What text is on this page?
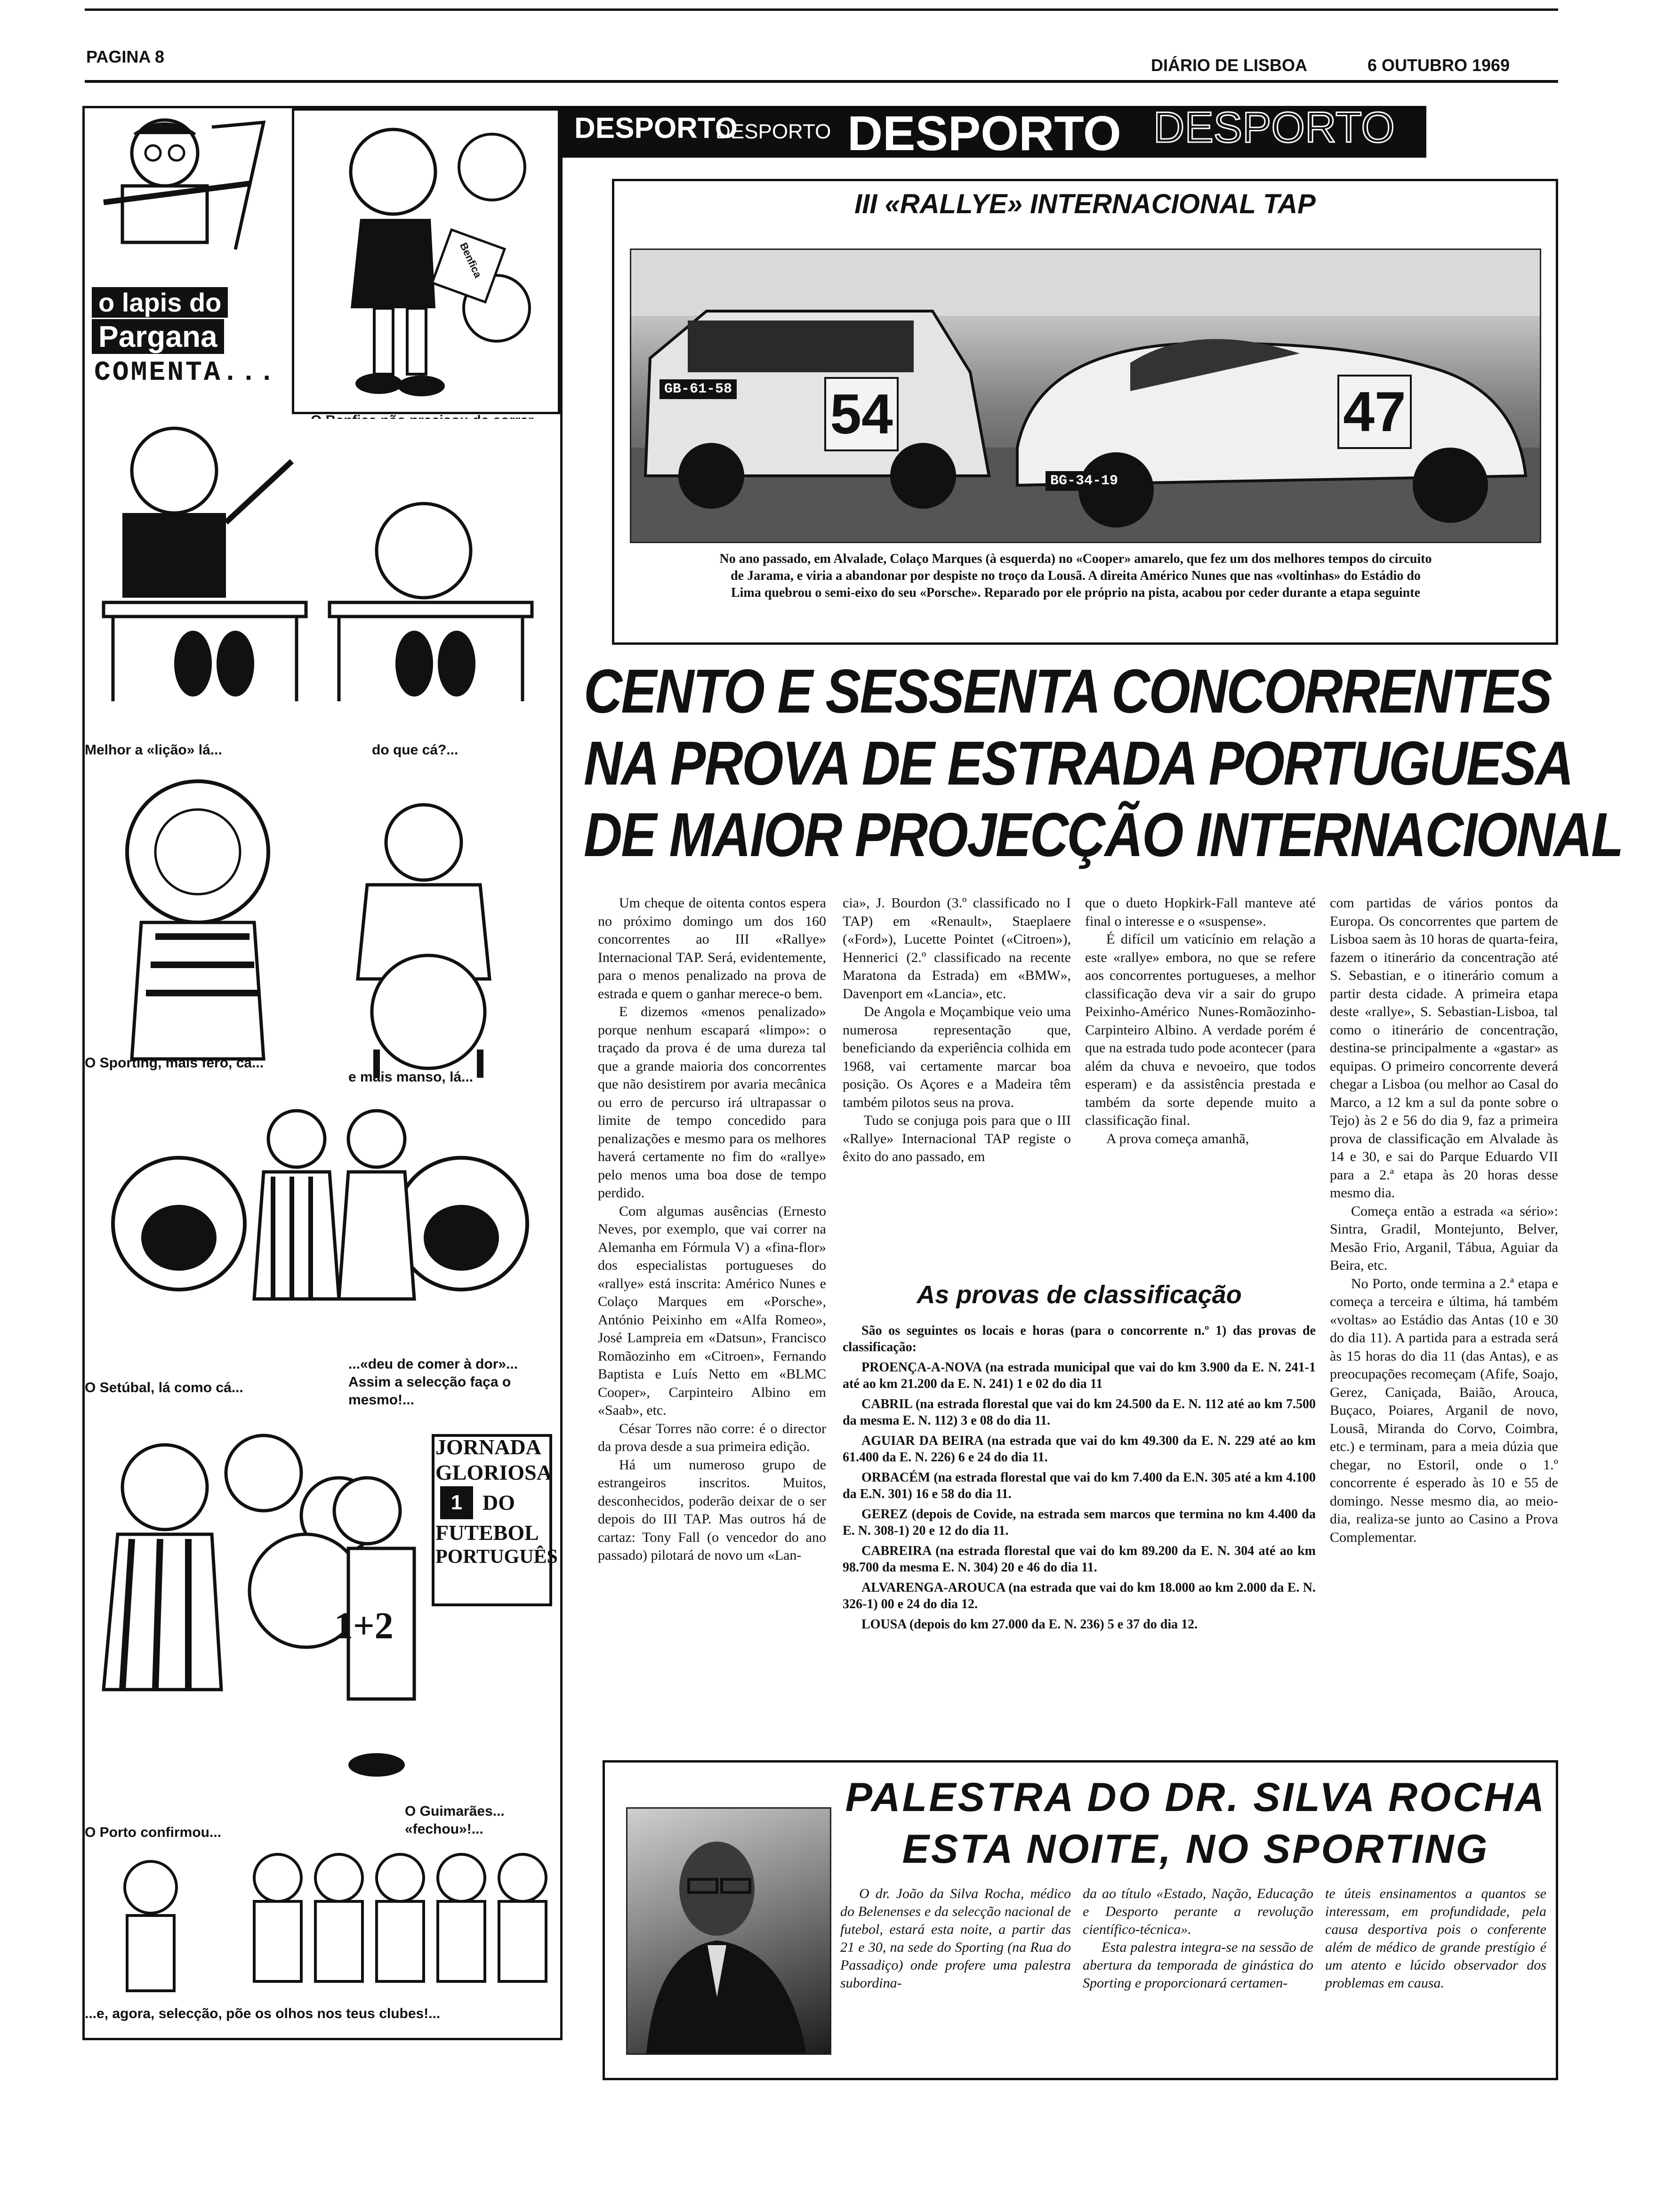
PAGINA 8	DIÁRIO DE LISBOA	6 OUTUBRO 1969
o lapis do
Pargana
COMENTA...
Benfica
Melhor a «lição» lá...	do que cá?...
O Sporting, mais fero, cá...
e mais manso, lá...
O Setúbal, lá como cá...
...«deu de comer à dor»... Assim a selecção faça o mesmo!...
JORNADA
GLORIOSA
1 DO
FUTEBOL
PORTUGUÊS
1+2
O Porto confirmou...
O Guimarães... «fechou»!...
...e, agora, selecção, põe os olhos nos teus clubes!...
DESPORTO
DESPORTO DESPORTO DESPORTO
III «RALLYE» INTERNACIONAL TAP
54	47
GB-61-58
BG-34-19
No ano passado, em Alvalade, Colaço Marques (à esquerda) no «Cooper» amarelo, que fez um dos melhores tempos do circuito de Jarama, e viria a abandonar por despiste no troço da Lousã. A direita Américo Nunes que nas «voltinhas» do Estádio do Lima quebrou o semi-eixo do seu «Porsche». Reparado por ele próprio na pista, acabou por ceder durante a etapa seguinte
CENTO E SESSENTA CONCORRENTES
NA PROVA DE ESTRADA PORTUGUESA
DE MAIOR PROJECÇÃO INTERNACIONAL

Um cheque de oitenta contos espera no próximo domingo um dos 160 concorrentes ao III «Rallye» Internacional TAP. Será, evidentemente, para o menos penalizado na prova de estrada e quem o ganhar merece-o bem.

E dizemos «menos penalizado» porque nenhum escapará «limpo»: o traçado da prova é de uma dureza tal que a grande maioria dos concorrentes que não desistirem por avaria mecânica ou erro de percurso irá ultrapassar o limite de tempo concedido para penalizações e mesmo para os melhores haverá certamente no fim do «rallye» pelo menos uma boa dose de tempo perdido.

Com algumas ausências (Ernesto Neves, por exemplo, que vai correr na Alemanha em Fórmula V) a «fina-flor» dos especialistas portugueses do «rallye» está inscrita: Américo Nunes e Colaço Marques em «Porsche», António Peixinho em «Alfa Romeo», José Lampreia em «Datsun», Francisco Romãozinho em «Citroen», Fernando Baptista e Luís Netto em «BLMC Cooper», Carpinteiro Albino em «Saab», etc.

César Torres não corre: é o director da prova desde a sua primeira edição.

Há um numeroso grupo de estrangeiros inscritos. Muitos, desconhecidos, poderão deixar de o ser depois do III TAP. Mas outros há de cartaz: Tony Fall (o vencedor do ano passado) pilotará de novo um «Lan-

cia», J. Bourdon (3.º classificado no I TAP) em «Renault», Staeplaere («Ford»), Lucette Pointet («Citroen»), Hennerici (2.º classificado na recente Maratona da Estrada) em «BMW», Davenport em «Lancia», etc.

De Angola e Moçambique veio uma numerosa representação que, beneficiando da experiência colhida em 1968, vai certamente marcar boa posição. Os Açores e a Madeira têm também pilotos seus na prova.

Tudo se conjuga pois para que o III «Rallye» Internacional TAP registe o êxito do ano passado, em

que o dueto Hopkirk-Fall manteve até final o interesse e o «suspense».

É difícil um vaticínio em relação a este «rallye» embora, no que se refere aos concorrentes portugueses, a melhor classificação deva vir a sair do grupo Peixinho-Américo Nunes-Romãozinho-Carpinteiro Albino. A verdade porém é que na estrada tudo pode acontecer (para além da chuva e nevoeiro, que todos esperam) e da assistência prestada e também da sorte depende muito a classificação final.

A prova começa amanhã,

com partidas de vários pontos da Europa. Os concorrentes que partem de Lisboa saem às 10 horas de quarta-feira, fazem o itinerário da concentração até S. Sebastian, e o itinerário comum a partir desta cidade. A primeira etapa deste «rallye», S. Sebastian-Lisboa, tal como o itinerário de concentração, destina-se principalmente a «gastar» as equipas. O primeiro concorrente deverá chegar a Lisboa (ou melhor ao Casal do Marco, a 12 km a sul da ponte sobre o Tejo) às 2 e 56 do dia 9, faz a primeira prova de classificação em Alvalade às 14 e 30, e sai do Parque Eduardo VII para a 2.ª etapa às 20 horas desse mesmo dia.

Começa então a estrada «a sério»: Sintra, Gradil, Montejunto, Belver, Mesão Frio, Arganil, Tábua, Aguiar da Beira, etc.

No Porto, onde termina a 2.ª etapa e começa a terceira e última, há também «voltas» ao Estádio das Antas (10 e 30 do dia 11). A partida para a estrada será às 15 horas do dia 11 (das Antas), e as preocupações recomeçam (Afife, Soajo, Gerez, Caniçada, Baião, Arouca, Buçaco, Poiares, Arganil de novo, Lousã, Miranda do Corvo, Coimbra, etc.) e terminam, para a meia dúzia que chegar, no Estoril, onde o 1.º concorrente é esperado às 10 e 55 de domingo. Nesse mesmo dia, ao meio-dia, realiza-se junto ao Casino a Prova Complementar.

As provas de classificação

São os seguintes os locais e horas (para o concorrente n.º 1) das provas de classificação:

PROENÇA-A-NOVA (na estrada municipal que vai do km 3.900 da E. N. 241-1 até ao km 21.200 da E. N. 241) 1 e 02 do dia 11

CABRIL (na estrada florestal que vai do km 24.500 da E. N. 112 até ao km 7.500 da mesma E. N. 112) 3 e 08 do dia 11.

AGUIAR DA BEIRA (na estrada que vai do km 49.300 da E. N. 229 até ao km 61.400 da E. N. 226) 6 e 24 do dia 11.

ORBACÉM (na estrada florestal que vai do km 7.400 da E.N. 305 até a km 4.100 da E.N. 301) 16 e 58 do dia 11.

GEREZ (depois de Covide, na estrada sem marcos que termina no km 4.400 da E. N. 308-1) 20 e 12 do dia 11.

CABREIRA (na estrada florestal que vai do km 89.200 da E. N. 304 até ao km 98.700 da mesma E. N. 304) 20 e 46 do dia 11.

ALVARENGA-AROUCA (na estrada que vai do km 18.000 ao km 2.000 da E. N. 326-1) 00 e 24 do dia 12.

LOUSA (depois do km 27.000 da E. N. 236) 5 e 37 do dia 12.

PALESTRA DO DR. SILVA ROCHA
ESTA NOITE, NO SPORTING

O dr. João da Silva Rocha, médico do Belenenses e da selecção nacional de futebol, estará esta noite, a partir das 21 e 30, na sede do Sporting (na Rua do Passadiço) onde profere uma palestra subordina-

da ao título «Estado, Nação, Educação e Desporto perante a revolução científico-técnica».

Esta palestra integra-se na sessão de abertura da temporada de ginástica do Sporting e proporcionará certamen-

te úteis ensinamentos a quantos se interessam, em profundidade, pela causa desportiva pois o conferente além de médico de grande prestígio é um atento e lúcido observador dos problemas em causa.
